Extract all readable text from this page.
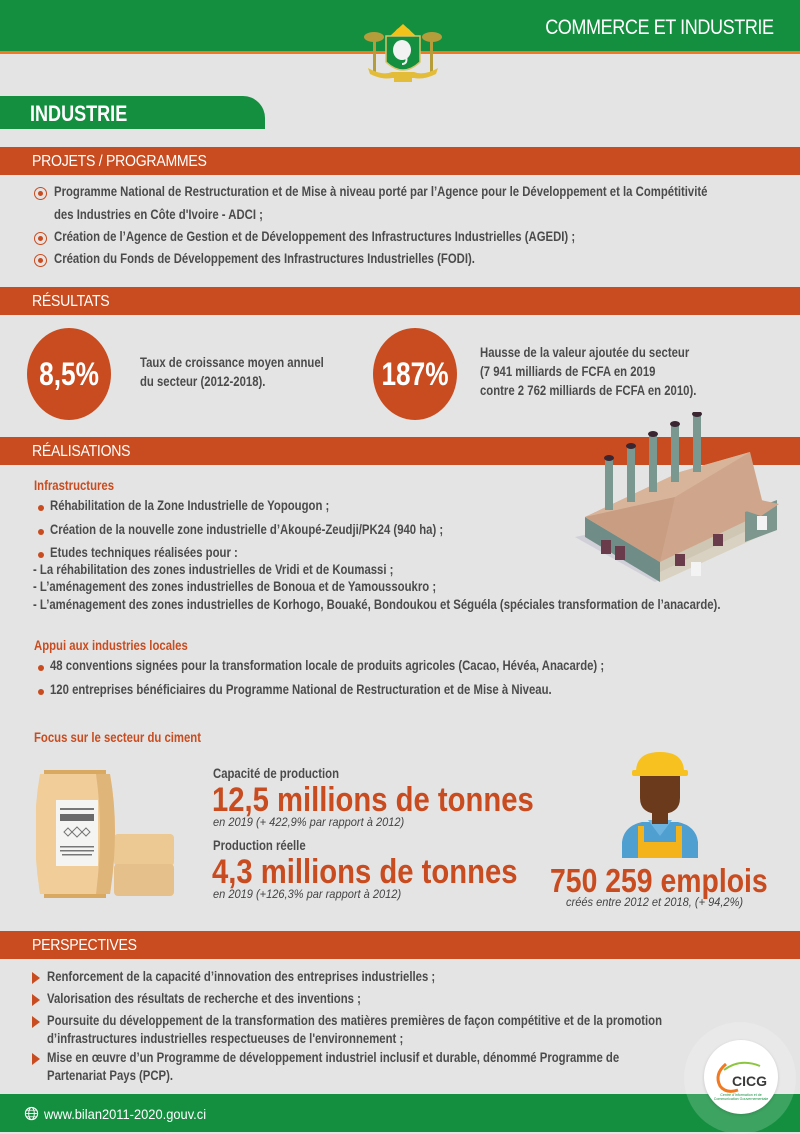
COMMERCE ET INDUSTRIE
INDUSTRIE
PROJETS / PROGRAMMES
Programme National de Restructuration et de Mise à niveau porté par l’Agence pour le Développement et la Compétitivité
des Industries en Côte d'Ivoire - ADCI ;
Création de l’Agence de Gestion et de Développement des Infrastructures Industrielles (AGEDI) ;
Création du Fonds de Développement des Infrastructures Industrielles (FODI).
RÉSULTATS
8,5%	Taux de croissance moyen annuel
du secteur (2012-2018).	187%
Hausse de la valeur ajoutée du secteur
(7 941 milliards de FCFA en 2019
contre 2 762 milliards de FCFA en 2010).
RÉALISATIONS
Infrastructures
Réhabilitation de la Zone Industrielle de Yopougon ;
Création de la nouvelle zone industrielle d’Akoupé-Zeudji/PK24 (940 ha) ;
Etudes techniques réalisées pour :
- La réhabilitation des zones industrielles de Vridi et de Koumassi ;
- L’aménagement des zones industrielles de Bonoua et de Yamoussoukro ;
- L’aménagement des zones industrielles de Korhogo, Bouaké, Bondoukou et Séguéla (spéciales transformation de l’anacarde).
Appui aux industries locales
48 conventions signées pour la transformation locale de produits agricoles (Cacao, Hévéa, Anacarde) ;
120 entreprises bénéficiaires du Programme National de Restructuration et de Mise à Niveau.
Focus sur le secteur du ciment
Capacité de production
12,5 millions de tonnes
en 2019 (+ 422,9% par rapport à 2012)
Production réelle
4,3 millions de tonnes
en 2019 (+126,3% par rapport à 2012)	750 259 emplois
créés entre 2012 et 2018, (+ 94,2%)
PERSPECTIVES
Renforcement de la capacité d’innovation des entreprises industrielles ;
Valorisation des résultats de recherche et des inventions ;
Poursuite du développement de la transformation des matières premières de façon compétitive et de la promotion
d’infrastructures industrielles respectueuses de l'environnement ;
Mise en œuvre d’un Programme de développement industriel inclusif et durable, dénommé Programme de
Partenariat Pays (PCP).
www.bilan2011-2020.gouv.ci
CICG
Centre d'Information et de
Communication Gouvernementale
